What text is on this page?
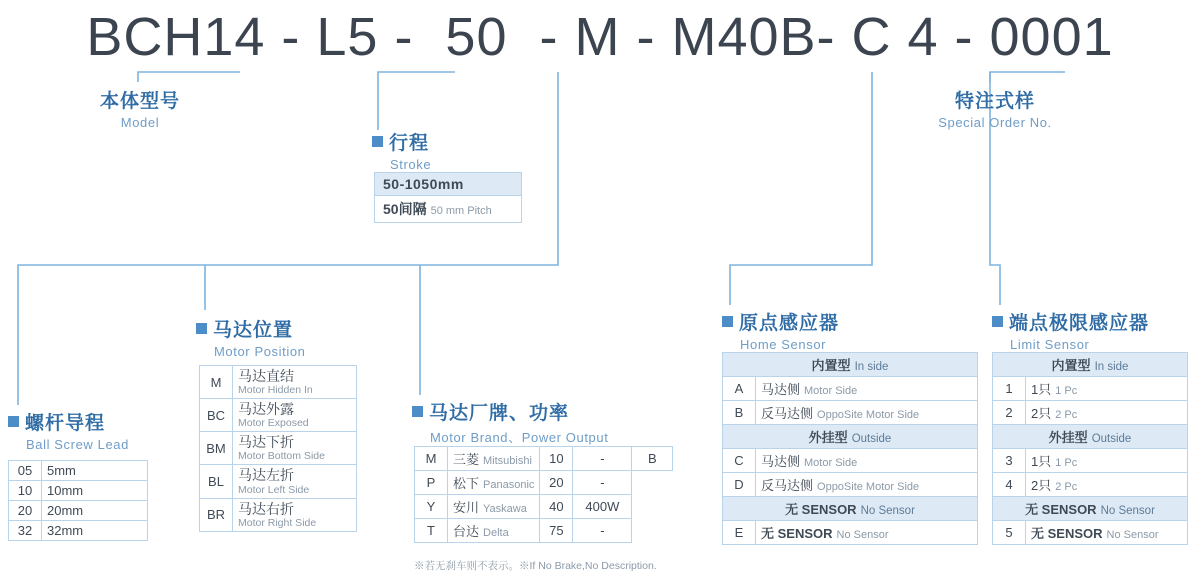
BCH14 - L5 -  50  - M - M40B- C 4 - 0001
本体型号
Model
特注式样
Special Order No.
行程
Stroke
螺杆导程
Ball Screw Lead
马达位置
Motor Position
马达厂牌、功率
Motor Brand、Power Output
原点感应器
Home Sensor
端点极限感应器
Limit Sensor
50-1050mm
50间隔 50 mm Pitch
05	5mm
10	10mm
20	20mm
32	32mm
M	马达直结
Motor Hidden In

BC	马达外露
Motor Exposed

BM	马达下折
Motor Bottom Side

BL	马达左折
Motor Left Side

BR	马达右折
Motor Right Side
M	三菱 Mitsubishi	10	-	B
P	松下 Panasonic	20	-	
Y	安川 Yaskawa	40	400W	
T	台达 Delta	75	-	
※若无刹车则不表示。※If No Brake,No Description.
内置型 In side	
A	马达侧 Motor Side
B	反马达侧 OppoSite Motor Side
外挂型 Outside	
C	马达侧 Motor Side
D	反马达侧 OppoSite Motor Side
无 SENSOR No Sensor	
E	无 SENSOR No Sensor
内置型 In side	
1	1只 1 Pc
2	2只 2 Pc
外挂型 Outside	
3	1只 1 Pc
4	2只 2 Pc
无 SENSOR No Sensor	
5	无 SENSOR No Sensor
